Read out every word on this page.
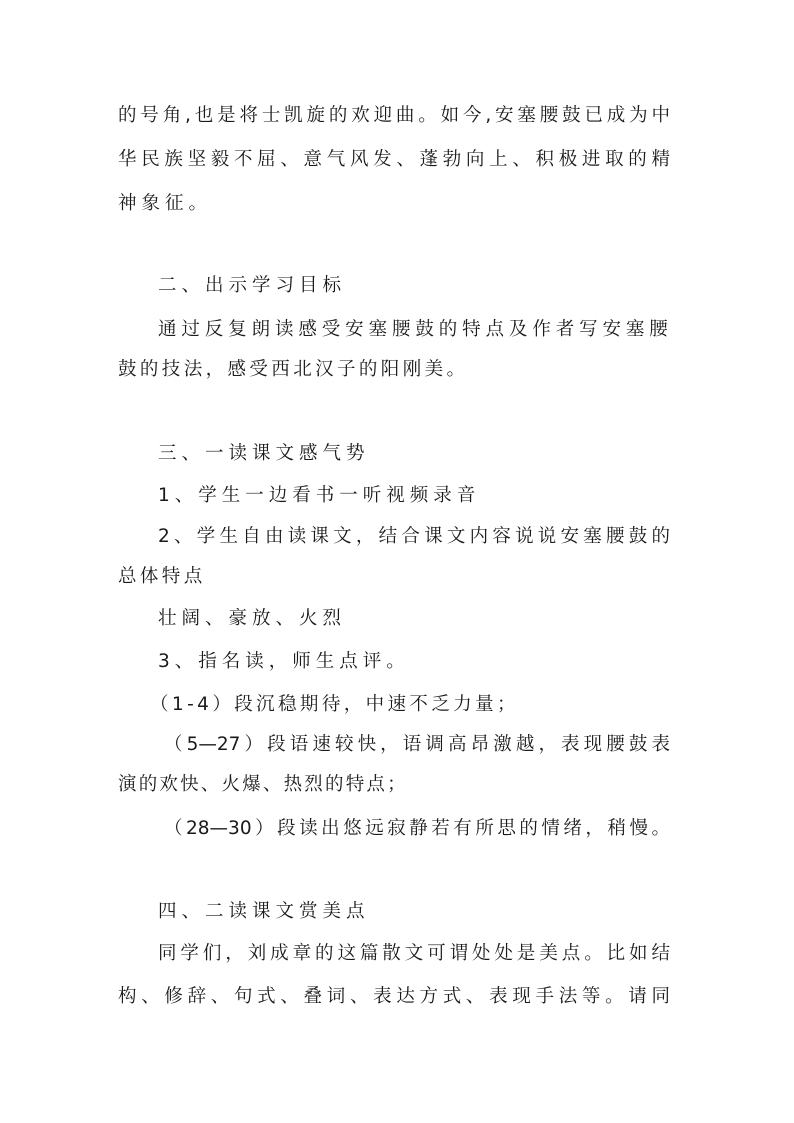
的号角,也是将士凯旋的欢迎曲。如今,安塞腰鼓已成为中
华民族坚毅不屈、意气风发、蓬勃向上、积极进取的精
神象征。
二、出示学习目标
通过反复朗读感受安塞腰鼓的特点及作者写安塞腰
鼓的技法，感受西北汉子的阳刚美。
三、一读课文感气势
1、学生一边看书一听视频录音
2、学生自由读课文，结合课文内容说说安塞腰鼓的
总体特点
壮阔、豪放、火烈
3、指名读，师生点评。
（1-4）段沉稳期待，中速不乏力量；
（5—27）段语速较快，语调高昂激越，表现腰鼓表
演的欢快、火爆、热烈的特点；
（28—30）段读出悠远寂静若有所思的情绪，稍慢。
四、二读课文赏美点
同学们，刘成章的这篇散文可谓处处是美点。比如结
构、修辞、句式、叠词、表达方式、表现手法等。请同
